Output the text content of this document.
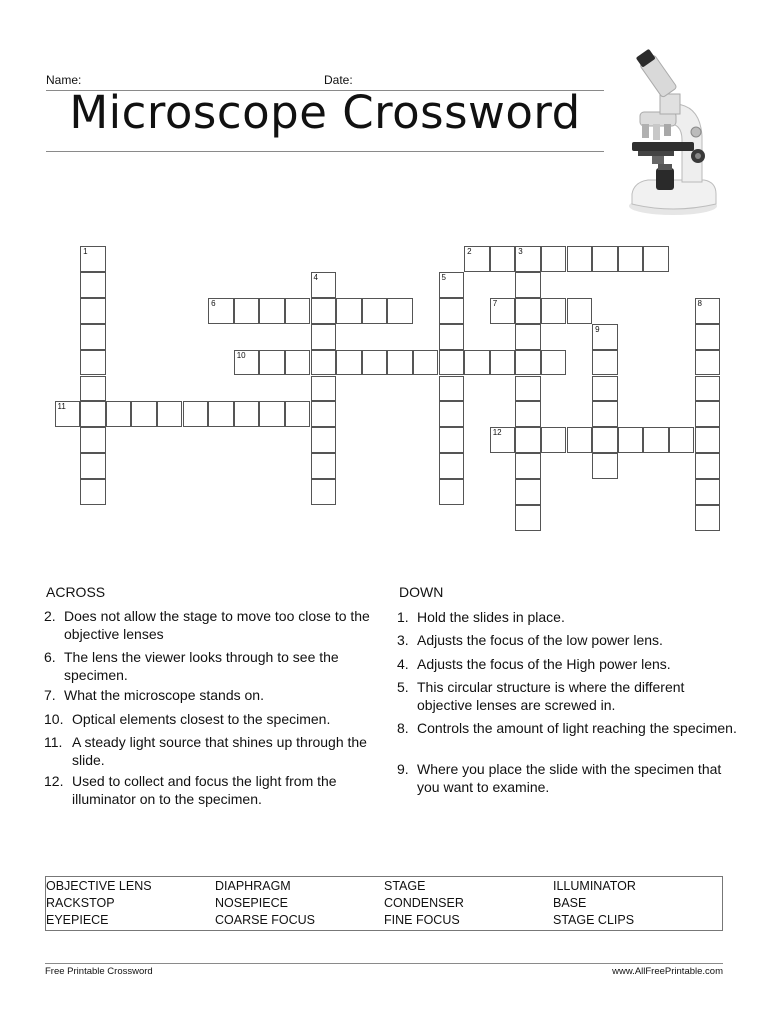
Name:	Date:
Microscope Crossword
1	2	3
4	5
6	7	8
9
10
11
12
ACROSS	DOWN
2. Does not allow the stage to move too close to the objective lenses
6. The lens the viewer looks through to see the specimen.
7. What the microscope stands on.
10. Optical elements closest to the specimen.
11. A steady light source that shines up through the slide.
12. Used to collect and focus the light from the illuminator on to the specimen.
1. Hold the slides in place.
3. Adjusts the focus of the low power lens.
4. Adjusts the focus of the High power lens.
5. This circular structure is where the different objective lenses are screwed in.
8. Controls the amount of light reaching the specimen.
9. Where you place the slide with the specimen that you want to examine.
OBJECTIVE LENS	DIAPHRAGM	STAGE	ILLUMINATOR
RACKSTOP	NOSEPIECE	CONDENSER	BASE
EYEPIECE	COARSE FOCUS	FINE FOCUS	STAGE CLIPS
Free Printable Crossword	www.AllFreePrintable.com
